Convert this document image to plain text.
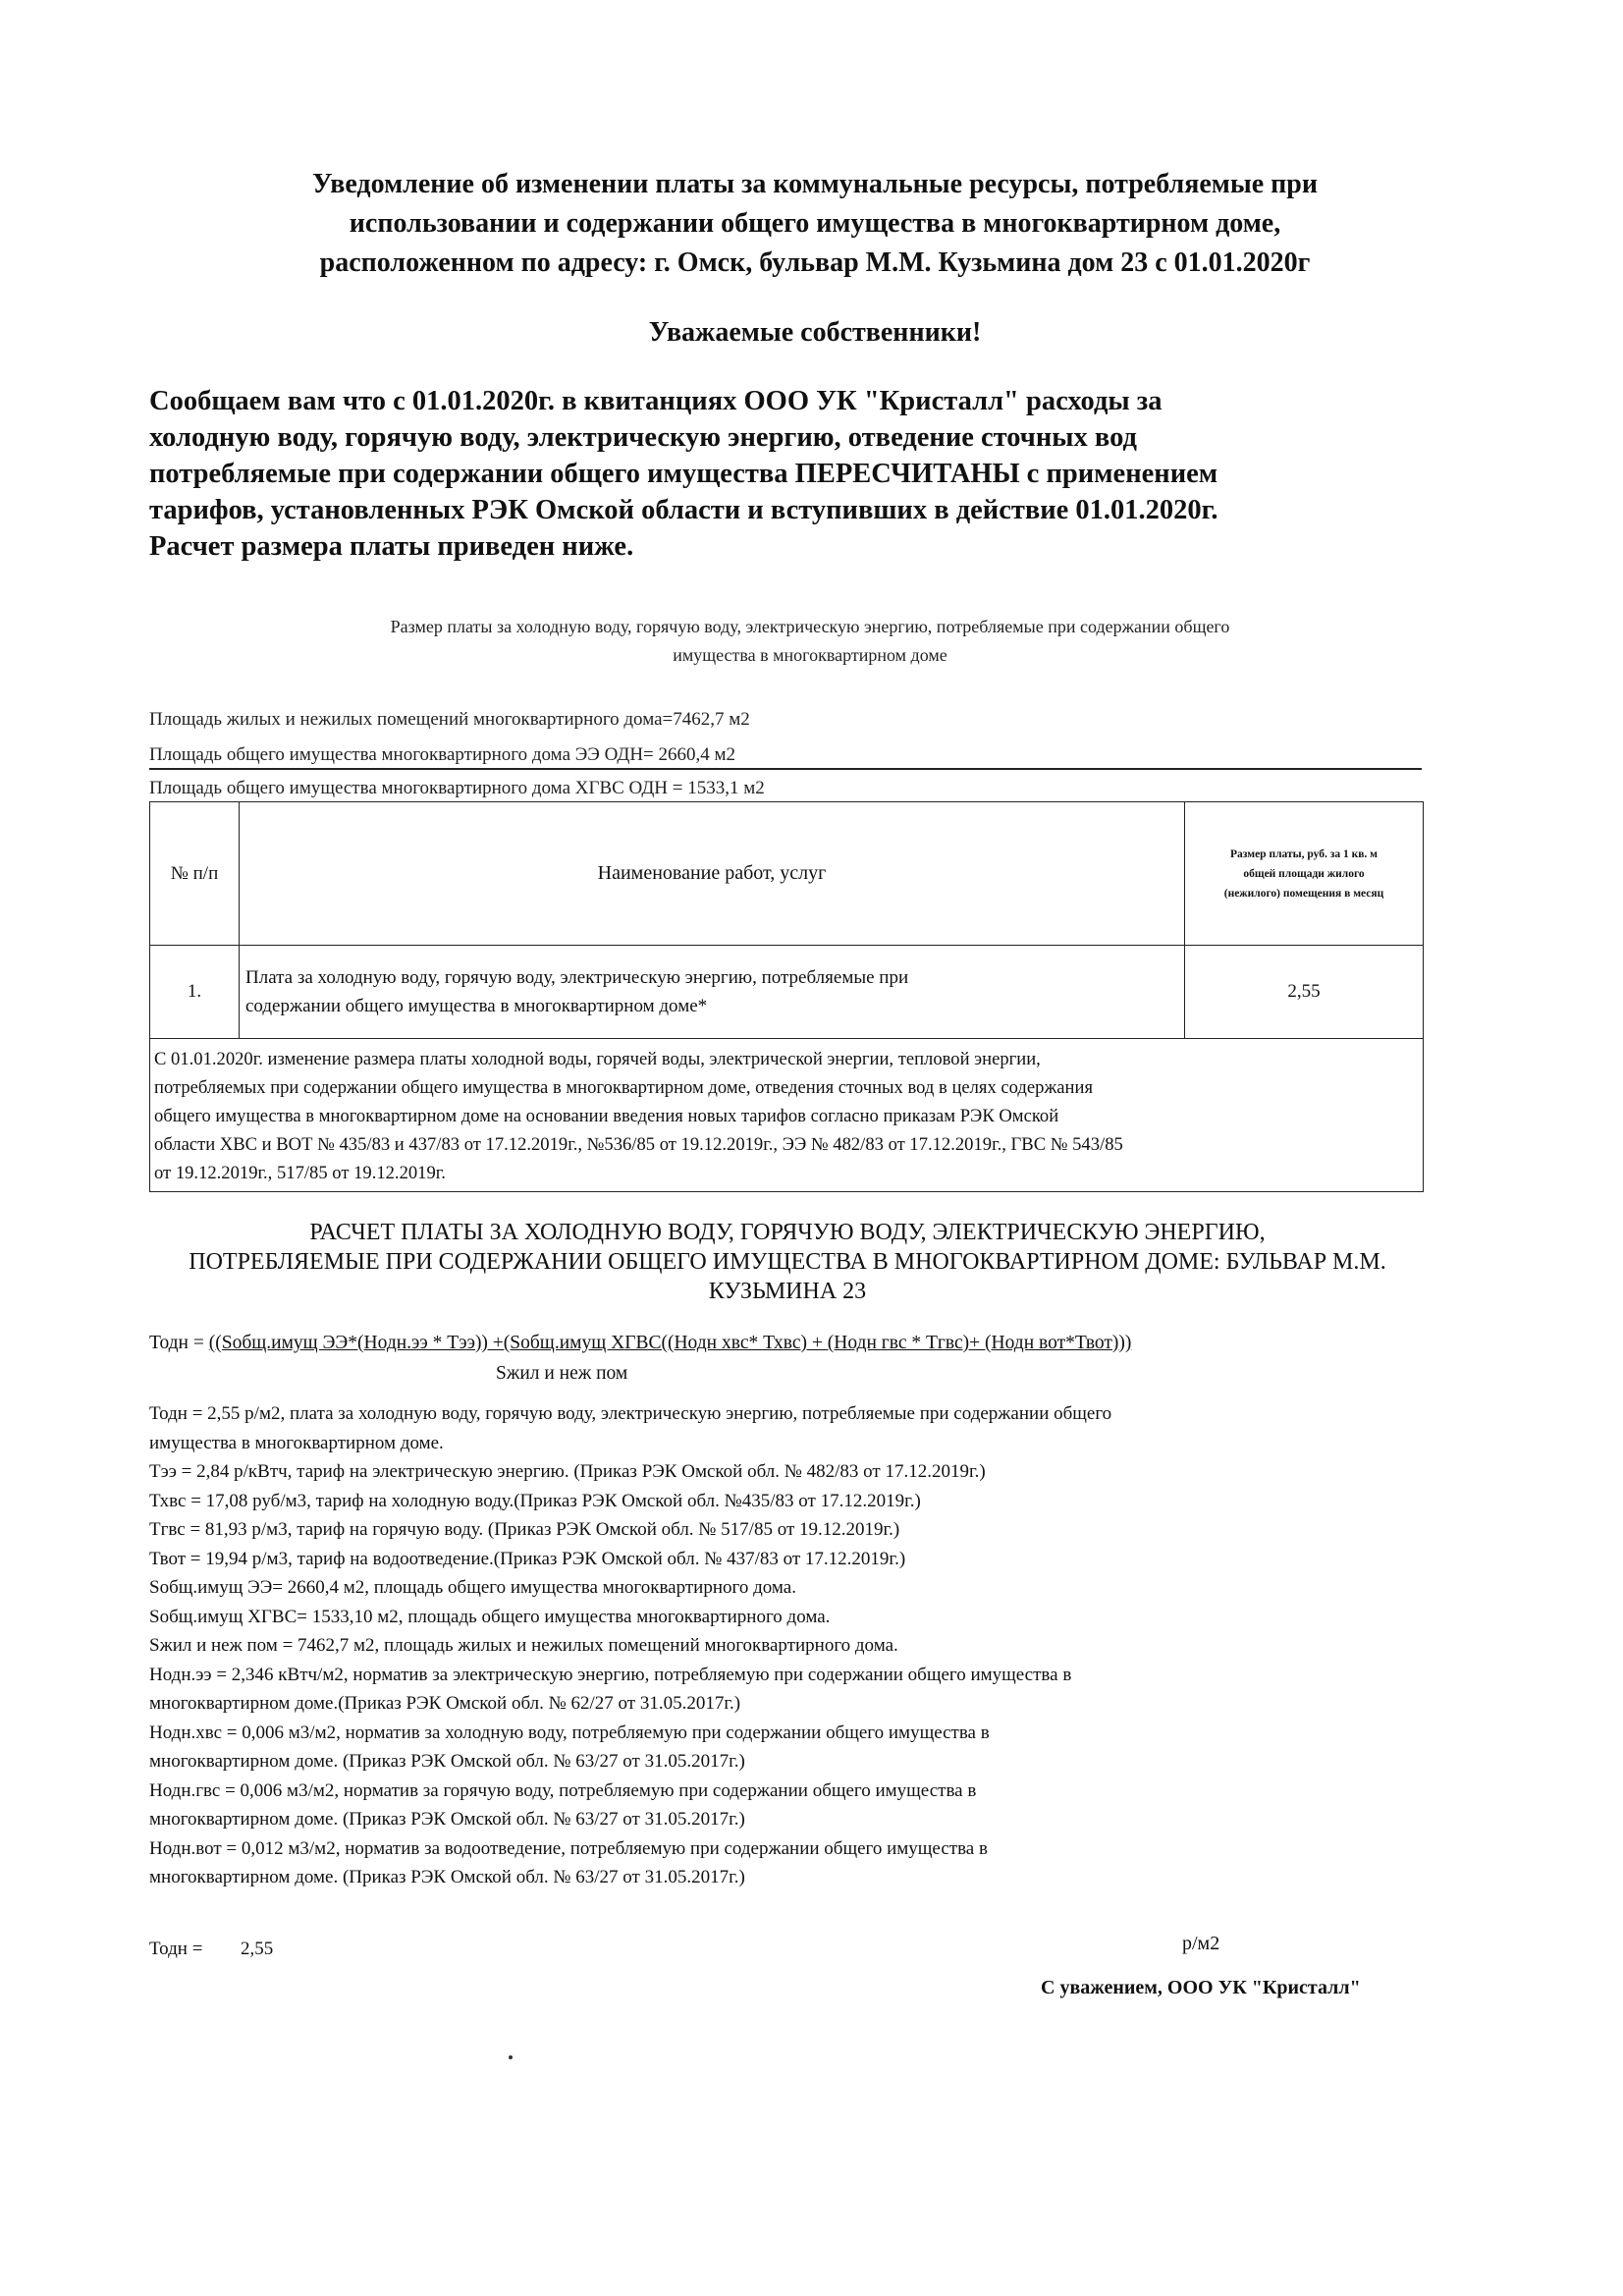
Уведомление об изменении платы за коммунальные ресурсы, потребляемые при
использовании и содержании общего имущества в многоквартирном доме,
расположенном по адресу: г. Омск, бульвар М.М. Кузьмина дом 23 с 01.01.2020г
Уважаемые собственники!
Сообщаем вам что с 01.01.2020г. в квитанциях ООО УК "Кристалл" расходы за
холодную воду, горячую воду, электрическую энергию, отведение сточных вод
потребляемые при содержании общего имущества ПЕРЕСЧИТАНЫ с применением
тарифов, установленных РЭК Омской области и вступивших в действие 01.01.2020г.
Расчет размера платы приведен ниже.
Размер платы за холодную воду, горячую воду, электрическую энергию, потребляемые при содержании общего
имущества в многоквартирном доме
Площадь жилых и нежилых помещений многоквартирного дома=7462,7 м2
Площадь общего имущества многоквартирного дома ЭЭ ОДН= 2660,4 м2
Площадь общего имущества многоквартирного дома ХГВС ОДН = 1533,1 м2
№ п/п	Наименование работ, услуг	Размер платы, руб. за 1 кв. м
общей площади жилого
(нежилого) помещения в месяц

1.	Плата за холодную воду, горячую воду, электрическую энергию, потребляемые при
содержании общего имущества в многоквартирном доме*	2,55

С 01.01.2020г. изменение размера платы холодной воды, горячей воды, электрической энергии, тепловой энергии,
потребляемых при содержании общего имущества в многоквартирном доме, отведения сточных вод в целях содержания
общего имущества в многоквартирном доме на основании введения новых тарифов согласно приказам РЭК Омской
области ХВС и ВОТ № 435/83 и 437/83 от 17.12.2019г., №536/85 от 19.12.2019г., ЭЭ № 482/83 от 17.12.2019г., ГВС № 543/85
от 19.12.2019г., 517/85 от 19.12.2019г.		
РАСЧЕТ ПЛАТЫ ЗА ХОЛОДНУЮ ВОДУ, ГОРЯЧУЮ ВОДУ, ЭЛЕКТРИЧЕСКУЮ ЭНЕРГИЮ,
ПОТРЕБЛЯЕМЫЕ ПРИ СОДЕРЖАНИИ ОБЩЕГО ИМУЩЕСТВА В МНОГОКВАРТИРНОМ ДОМЕ: БУЛЬВАР М.М.
КУЗЬМИНА 23
Тодн = ((Sобщ.имущ ЭЭ*(Нодн.ээ * Тээ)) +(Sобщ.имущ ХГВС((Нодн хвс* Тхвс) + (Нодн гвс * Тгвс)+ (Нодн вот*Твот)))
Sжил и неж пом
Тодн = 2,55 р/м2, плата за холодную воду, горячую воду, электрическую энергию, потребляемые при содержании общего
имущества в многоквартирном доме.
Тээ = 2,84 р/кВтч, тариф на электрическую энергию. (Приказ РЭК Омской обл. № 482/83 от 17.12.2019г.)
Тхвс = 17,08 руб/м3, тариф на холодную воду.(Приказ РЭК Омской обл. №435/83 от 17.12.2019г.)
Тгвс = 81,93 р/м3, тариф на горячую воду. (Приказ РЭК Омской обл. № 517/85 от 19.12.2019г.)
Твот = 19,94 р/м3, тариф на водоотведение.(Приказ РЭК Омской обл. № 437/83 от 17.12.2019г.)
Sобщ.имущ ЭЭ= 2660,4 м2, площадь общего имущества многоквартирного дома.
Sобщ.имущ ХГВС= 1533,10 м2, площадь общего имущества многоквартирного дома.
Sжил и неж пом = 7462,7 м2, площадь жилых и нежилых помещений многоквартирного дома.
Нодн.ээ = 2,346 кВтч/м2, норматив за электрическую энергию, потребляемую при содержании общего имущества в
многоквартирном доме.(Приказ РЭК Омской обл. № 62/27 от 31.05.2017г.)
Нодн.хвс = 0,006 м3/м2, норматив за холодную воду, потребляемую при содержании общего имущества в
многоквартирном доме. (Приказ РЭК Омской обл. № 63/27 от 31.05.2017г.)
Нодн.гвс = 0,006 м3/м2, норматив за горячую воду, потребляемую при содержании общего имущества в
многоквартирном доме. (Приказ РЭК Омской обл. № 63/27 от 31.05.2017г.)
Нодн.вот = 0,012 м3/м2, норматив за водоотведение, потребляемую при содержании общего имущества в
многоквартирном доме. (Приказ РЭК Омской обл. № 63/27 от 31.05.2017г.)
Тодн = 2,55	р/м2
С уважением, ООО УК "Кристалл"
